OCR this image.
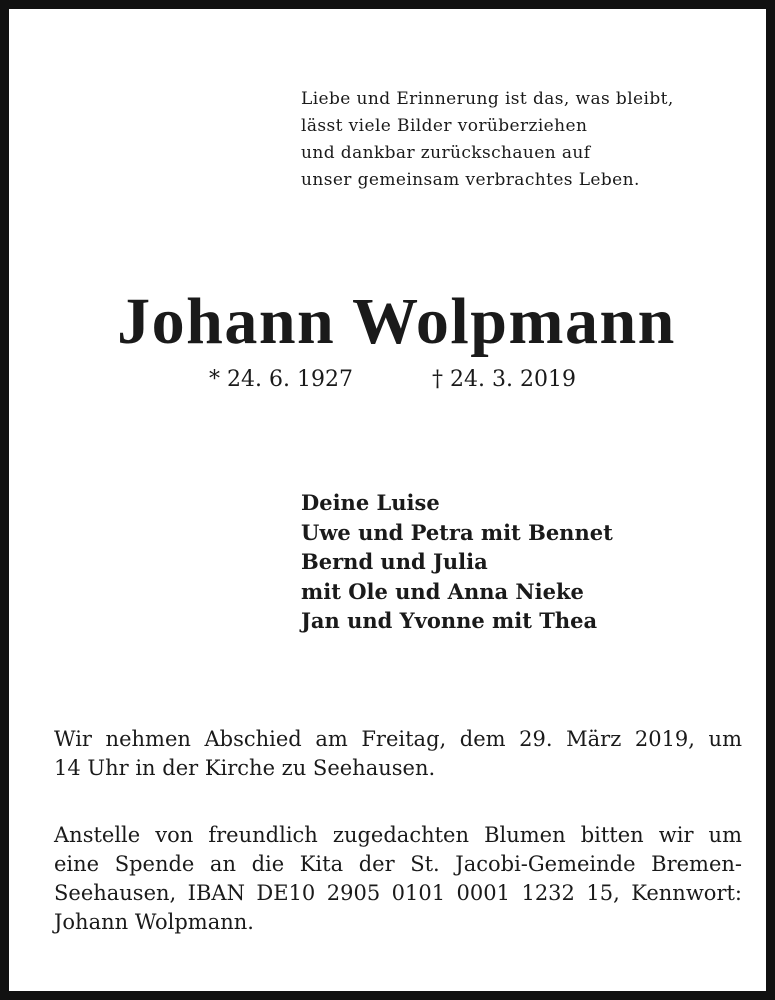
Liebe und Erinnerung ist das, was bleibt,
lässt viele Bilder vorüberziehen
und dankbar zurückschauen auf
unser gemeinsam verbrachtes Leben.
Johann Wolpmann
* 24. 6. 1927	† 24. 3. 2019
Deine Luise
Uwe und Petra mit Bennet
Bernd und Julia
mit Ole und Anna Nieke
Jan und Yvonne mit Thea
Wir nehmen Abschied am Freitag, dem 29. März 2019, um
14 Uhr in der Kirche zu Seehausen.
Anstelle von freundlich zugedachten Blumen bitten wir um
eine Spende an die Kita der St. Jacobi-Gemeinde Bremen-
Seehausen, IBAN DE10 2905 0101 0001 1232 15, Kennwort:
Johann Wolpmann.
